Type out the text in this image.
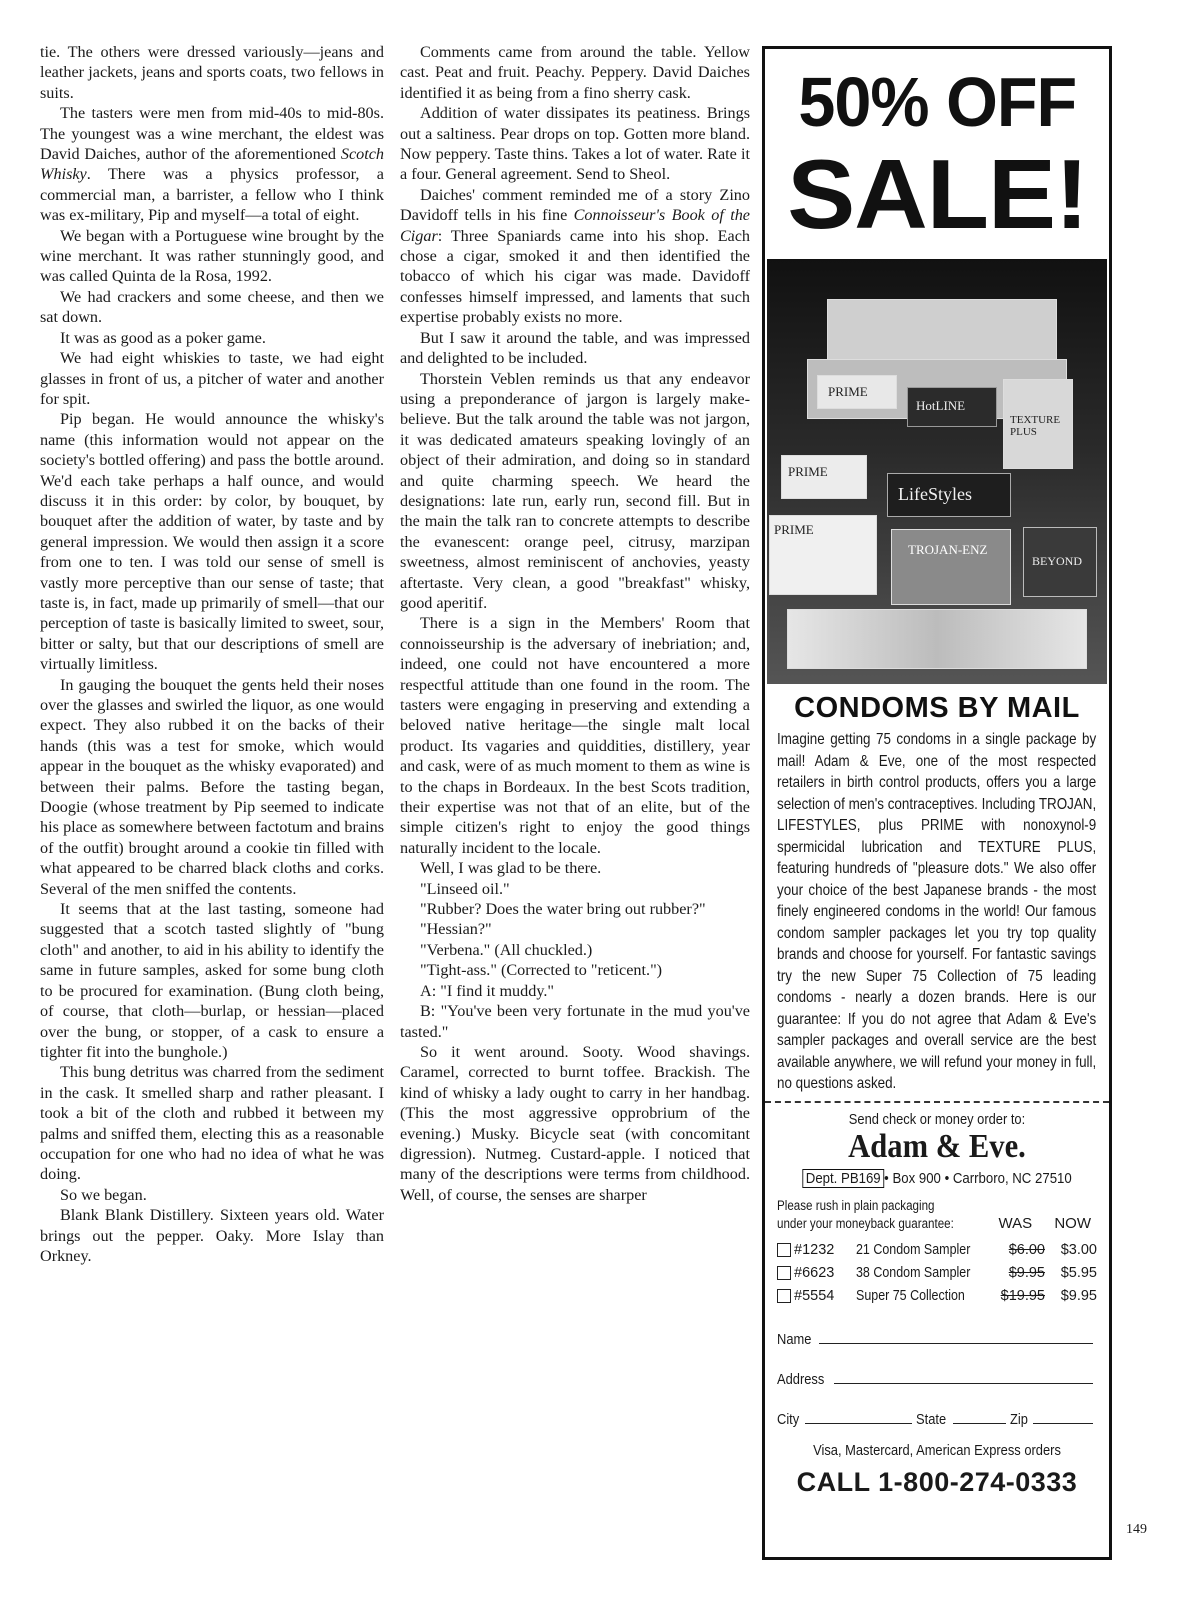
tie. The others were dressed variously—jeans and leather jackets, jeans and sports coats, two fellows in suits.

The tasters were men from mid-40s to mid-80s. The youngest was a wine merchant, the eldest was David Daiches, author of the aforementioned Scotch Whisky. There was a physics professor, a commercial man, a barrister, a fellow who I think was ex-military, Pip and myself—a total of eight.

We began with a Portuguese wine brought by the wine merchant. It was rather stunningly good, and was called Quinta de la Rosa, 1992.

We had crackers and some cheese, and then we sat down.

It was as good as a poker game.

We had eight whiskies to taste, we had eight glasses in front of us, a pitcher of water and another for spit.

Pip began. He would announce the whisky's name (this information would not appear on the society's bottled offering) and pass the bottle around. We'd each take perhaps a half ounce, and would discuss it in this order: by color, by bouquet, by bouquet after the addition of water, by taste and by general impression. We would then assign it a score from one to ten. I was told our sense of smell is vastly more perceptive than our sense of taste; that taste is, in fact, made up primarily of smell—that our perception of taste is basically limited to sweet, sour, bitter or salty, but that our descriptions of smell are virtually limitless.

In gauging the bouquet the gents held their noses over the glasses and swirled the liquor, as one would expect. They also rubbed it on the backs of their hands (this was a test for smoke, which would appear in the bouquet as the whisky evaporated) and between their palms. Before the tasting began, Doogie (whose treatment by Pip seemed to indicate his place as somewhere between factotum and brains of the outfit) brought around a cookie tin filled with what appeared to be charred black cloths and corks. Several of the men sniffed the contents.

It seems that at the last tasting, someone had suggested that a scotch tasted slightly of "bung cloth" and another, to aid in his ability to identify the same in future samples, asked for some bung cloth to be procured for examination. (Bung cloth being, of course, that cloth—burlap, or hessian—placed over the bung, or stopper, of a cask to ensure a tighter fit into the bunghole.)

This bung detritus was charred from the sediment in the cask. It smelled sharp and rather pleasant. I took a bit of the cloth and rubbed it between my palms and sniffed them, electing this as a reasonable occupation for one who had no idea of what he was doing.

So we began.

Blank Blank Distillery. Sixteen years old. Water brings out the pepper. Oaky. More Islay than Orkney.

Comments came from around the table. Yellow cast. Peat and fruit. Peachy. Peppery. David Daiches identified it as being from a fino sherry cask.

Addition of water dissipates its peatiness. Brings out a saltiness. Pear drops on top. Gotten more bland. Now peppery. Taste thins. Takes a lot of water. Rate it a four. General agreement. Send to Sheol.

Daiches' comment reminded me of a story Zino Davidoff tells in his fine Connoisseur's Book of the Cigar: Three Spaniards came into his shop. Each chose a cigar, smoked it and then identified the tobacco of which his cigar was made. Davidoff confesses himself impressed, and laments that such expertise probably exists no more.

But I saw it around the table, and was impressed and delighted to be included.

Thorstein Veblen reminds us that any endeavor using a preponderance of jargon is largely make-believe. But the talk around the table was not jargon, it was dedicated amateurs speaking lovingly of an object of their admiration, and doing so in standard and quite charming speech. We heard the designations: late run, early run, second fill. But in the main the talk ran to concrete attempts to describe the evanescent: orange peel, citrusy, marzipan sweetness, almost reminiscent of anchovies, yeasty aftertaste. Very clean, a good "breakfast" whisky, good aperitif.

There is a sign in the Members' Room that connoisseurship is the adversary of inebriation; and, indeed, one could not have encountered a more respectful attitude than one found in the room. The tasters were engaging in preserving and extending a beloved native heritage—the single malt local product. Its vagaries and quiddities, distillery, year and cask, were of as much moment to them as wine is to the chaps in Bordeaux. In the best Scots tradition, their expertise was not that of an elite, but of the simple citizen's right to enjoy the good things naturally incident to the locale.

Well, I was glad to be there.

"Linseed oil."

"Rubber? Does the water bring out rubber?"

"Hessian?"

"Verbena." (All chuckled.)

"Tight-ass." (Corrected to "reticent.")

A: "I find it muddy."

B: "You've been very fortunate in the mud you've tasted."

So it went around. Sooty. Wood shavings. Caramel, corrected to burnt toffee. Brackish. The kind of whisky a lady ought to carry in her handbag. (This the most aggressive opprobrium of the evening.) Musky. Bicycle seat (with concomitant digression). Nutmeg. Custard-apple. I noticed that many of the descriptions were terms from childhood. Well, of course, the senses are sharper

50% OFF
SALE!
PRIME
HotLINE
TEXTURE PLUS
PRIME
LifeStyles
PRIME
TROJAN-ENZ
BEYOND
CONDOMS BY MAIL
Imagine getting 75 condoms in a single package by mail! Adam & Eve, one of the most respected retailers in birth control products, offers you a large selection of men's contraceptives. Including TROJAN, LIFESTYLES, plus PRIME with nonoxynol-9 spermicidal lubrication and TEXTURE PLUS, featuring hundreds of "pleasure dots." We also offer your choice of the best Japanese brands - the most finely engineered condoms in the world! Our famous condom sampler packages let you try top quality brands and choose for yourself. For fantastic savings try the new Super 75 Collection of 75 leading condoms - nearly a dozen brands. Here is our guarantee: If you do not agree that Adam & Eve's sampler packages and overall service are the best available anywhere, we will refund your money in full, no questions asked.
Send check or money order to:
Adam & Eve.
Dept. PB169 • Box 900 • Carrboro, NC 27510
Please rush in plain packaging
under your moneyback guarantee:	WAS NOW
#1232	21 Condom Sampler	$6.00	$3.00
#6623	38 Condom Sampler	$9.95	$5.95
#5554	Super 75 Collection	$19.95	$9.95
Name
Address
City	State	Zip
Visa, Mastercard, American Express orders
CALL 1-800-274-0333
149
